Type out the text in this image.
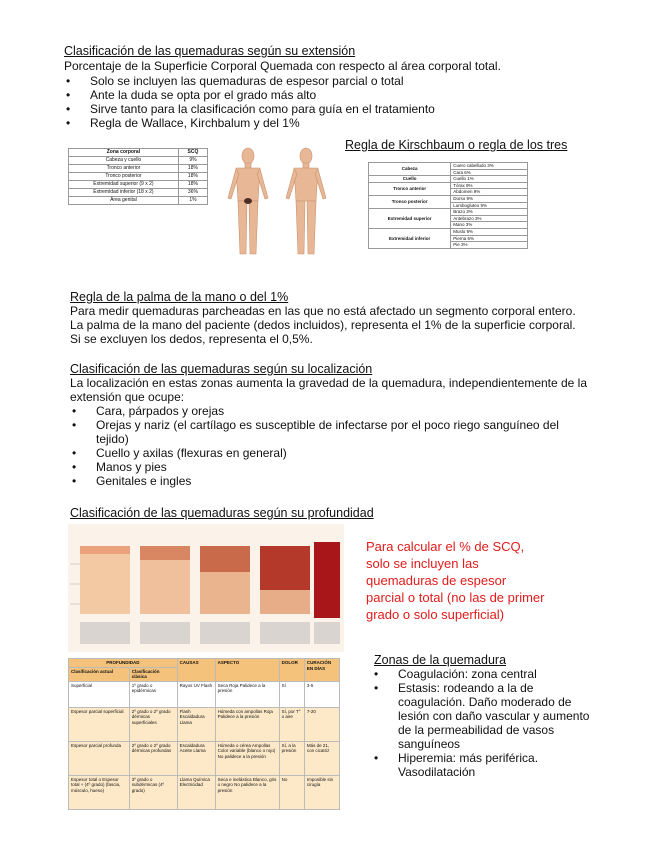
Clasificación de las quemaduras según su extensión
Porcentaje de la Superficie Corporal Quemada con respecto al área corporal total.
• Solo se incluyen las quemaduras de espesor parcial o total
• Ante la duda se opta por el grado más alto
• Sirve tanto para la clasificación como para guía en el tratamiento
• Regla de Wallace, Kirchbalum y del 1%
Zona corporal	SCQ
Cabeza y cuello	9%
Tronco anterior	18%
Tronco posterior	18%
Extremidad superior (9 x 2)	18%
Extremidad inferior (18 x 2)	36%
Área genital	1%
Regla de Kirschbaum o regla de los tres
Cabeza	Cuero cabelludo 3%
	Cara 6%
Cuello	Cuello 1%
Tronco anterior	Tórax 9%
	Abdomen 9%
Tronco posterior	Dorso 9%
	Lumbogluteo 9%
Extremidad superior	Brazo 3%
	Antebrazo 3%
	Mano 3%
Extremidad inferior	Muslo 9%
	Pierna 6%
	Pie 3%
Regla de la palma de la mano o del 1%
Para medir quemaduras parcheadas en las que no está afectado un segmento corporal entero.
La palma de la mano del paciente (dedos incluidos), representa el 1% de la superficie corporal.
Si se excluyen los dedos, representa el 0,5%.
Clasificación de las quemaduras según su localización
La localización en estas zonas aumenta la gravedad de la quemadura, independientemente de la extensión que ocupe:
• Cara, párpados y orejas
• Orejas y nariz (el cartílago es susceptible de infectarse por el poco riego sanguíneo del tejido)
• Cuello y axilas (flexuras en general)
• Manos y pies
• Genitales e ingles
Clasificación de las quemaduras según su profundidad
Para calcular el % de SCQ, solo se incluyen las quemaduras de espesor parcial o total (no las de primer grado o solo superficial)
PROFUNDIDAD		CAUSAS	ASPECTO	DOLOR	CURACIÓN EN DÍAS
Clasificación actual	Clasificación clásica				
Superficial	1º grado o epidérmicas	Rayos UV Flash	Seca Roja Palidece a la presión	Sí	3-5
Espesor parcial superficial	2º grado o 2º grado dérmicas superficiales	Flash Escaldadura Llama	Húmeda con ampollas Roja Palidece a la presión	Sí, por T° o aire	7-20
Espesor parcial profunda	2º grado o 2º grado dérmicas profundas	Escaldadura Aceite Llama	Húmeda o cérea Ampollas Color variable (blanco o rojo) No palidece a la presión	Sí, a la presión	Más de 21, con cicatriz
Espesor total o Espesor total + (4º grado) (fascia, músculo, hueso)	3º grado o subdérmicas (4º grado)	Llama Química Electricidad	Seca e inelástica Blanco, gris o negro No palidece a la presión	No	Imposible sin cirugía
Zonas de la quemadura
• Coagulación: zona central
• Estasis: rodeando a la de coagulación. Daño moderado de lesión con daño vascular y aumento de la permeabilidad de vasos sanguíneos
• Hiperemia: más periférica. Vasodilatación
